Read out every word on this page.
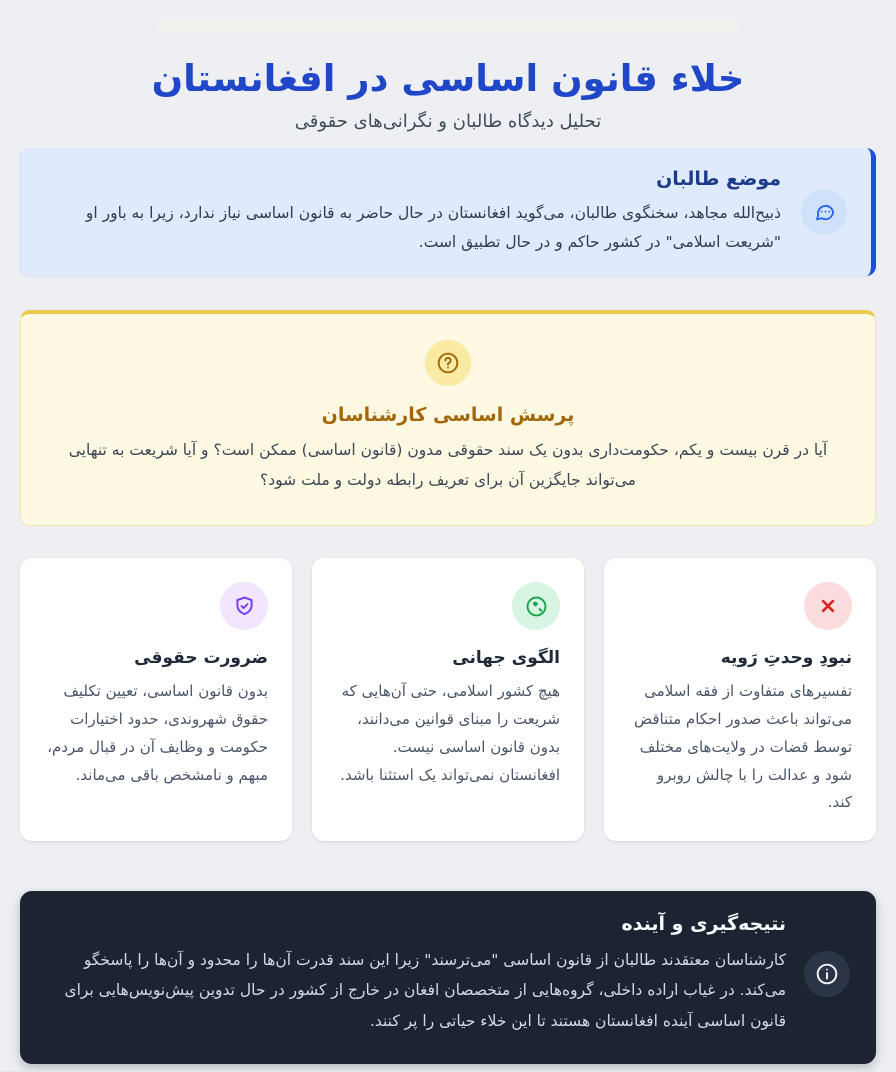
خلاء قانون اساسی در افغانستان

تحلیل دیدگاه طالبان و نگرانی‌های حقوقی

موضع طالبان

ذبیح‌الله مجاهد، سخنگوی طالبان، می‌گوید افغانستان در حال حاضر به قانون اساسی نیاز ندارد، زیرا به باور او "شریعت اسلامی" در کشور حاکم و در حال تطبیق است.

پرسش اساسی کارشناسان

آیا در قرن بیست و یکم، حکومت‌داری بدون یک سند حقوقی مدون (قانون اساسی) ممکن است؟ و آیا شریعت به تنهایی می‌تواند جایگزین آن برای تعریف رابطه دولت و ملت شود؟

نبودِ وحدتِ رَویه

تفسیرهای متفاوت از فقه اسلامی می‌تواند باعث صدور احکام متناقض توسط قضات در ولایت‌های مختلف شود و عدالت را با چالش روبرو کند.

الگوی جهانی

هیچ کشور اسلامی، حتی آن‌هایی که شریعت را مبنای قوانین می‌دانند، بدون قانون اساسی نیست. افغانستان نمی‌تواند یک استثنا باشد.

ضرورت حقوقی

بدون قانون اساسی، تعیین تکلیف حقوق شهروندی، حدود اختیارات حکومت و وظایف آن در قبال مردم، مبهم و نامشخص باقی می‌ماند.

نتیجه‌گیری و آینده

کارشناسان معتقدند طالبان از قانون اساسی "می‌ترسند" زیرا این سند قدرت آن‌ها را محدود و آن‌ها را پاسخگو می‌کند. در غیاب اراده داخلی، گروه‌هایی از متخصصان افغان در خارج از کشور در حال تدوین پیش‌نویس‌هایی برای قانون اساسی آینده افغانستان هستند تا این خلاء حیاتی را پر کنند.
